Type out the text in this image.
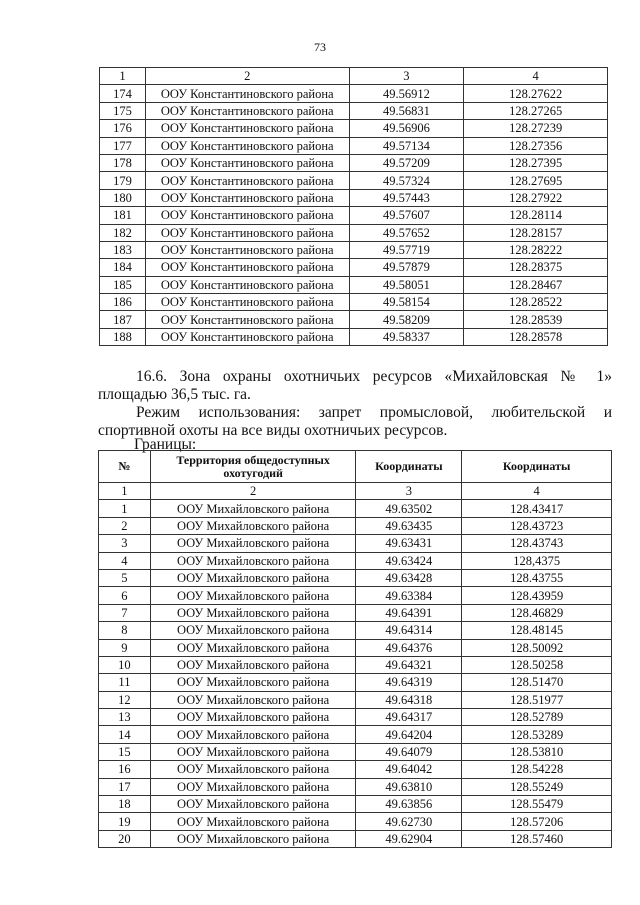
73
1	2	3	4
174	ООУ Константиновского района	49.56912	128.27622
175	ООУ Константиновского района	49.56831	128.27265
176	ООУ Константиновского района	49.56906	128.27239
177	ООУ Константиновского района	49.57134	128.27356
178	ООУ Константиновского района	49.57209	128.27395
179	ООУ Константиновского района	49.57324	128.27695
180	ООУ Константиновского района	49.57443	128.27922
181	ООУ Константиновского района	49.57607	128.28114
182	ООУ Константиновского района	49.57652	128.28157
183	ООУ Константиновского района	49.57719	128.28222
184	ООУ Константиновского района	49.57879	128.28375
185	ООУ Константиновского района	49.58051	128.28467
186	ООУ Константиновского района	49.58154	128.28522
187	ООУ Константиновского района	49.58209	128.28539
188	ООУ Константиновского района	49.58337	128.28578
16.6. Зона охраны охотничьих ресурсов «Михайловская № 1» площадью 36,5 тыс. га.
Режим использования: запрет промысловой, любительской и спортивной охоты на все виды охотничьих ресурсов.
Границы:
№	Территория общедоступных охотугодий	Координаты	Координаты
1	2	3	4
1	ООУ Михайловского района	49.63502	128.43417
2	ООУ Михайловского района	49.63435	128.43723
3	ООУ Михайловского района	49.63431	128.43743
4	ООУ Михайловского района	49.63424	128,4375
5	ООУ Михайловского района	49.63428	128.43755
6	ООУ Михайловского района	49.63384	128.43959
7	ООУ Михайловского района	49.64391	128.46829
8	ООУ Михайловского района	49.64314	128.48145
9	ООУ Михайловского района	49.64376	128.50092
10	ООУ Михайловского района	49.64321	128.50258
11	ООУ Михайловского района	49.64319	128.51470
12	ООУ Михайловского района	49.64318	128.51977
13	ООУ Михайловского района	49.64317	128.52789
14	ООУ Михайловского района	49.64204	128.53289
15	ООУ Михайловского района	49.64079	128.53810
16	ООУ Михайловского района	49.64042	128.54228
17	ООУ Михайловского района	49.63810	128.55249
18	ООУ Михайловского района	49.63856	128.55479
19	ООУ Михайловского района	49.62730	128.57206
20	ООУ Михайловского района	49.62904	128.57460
